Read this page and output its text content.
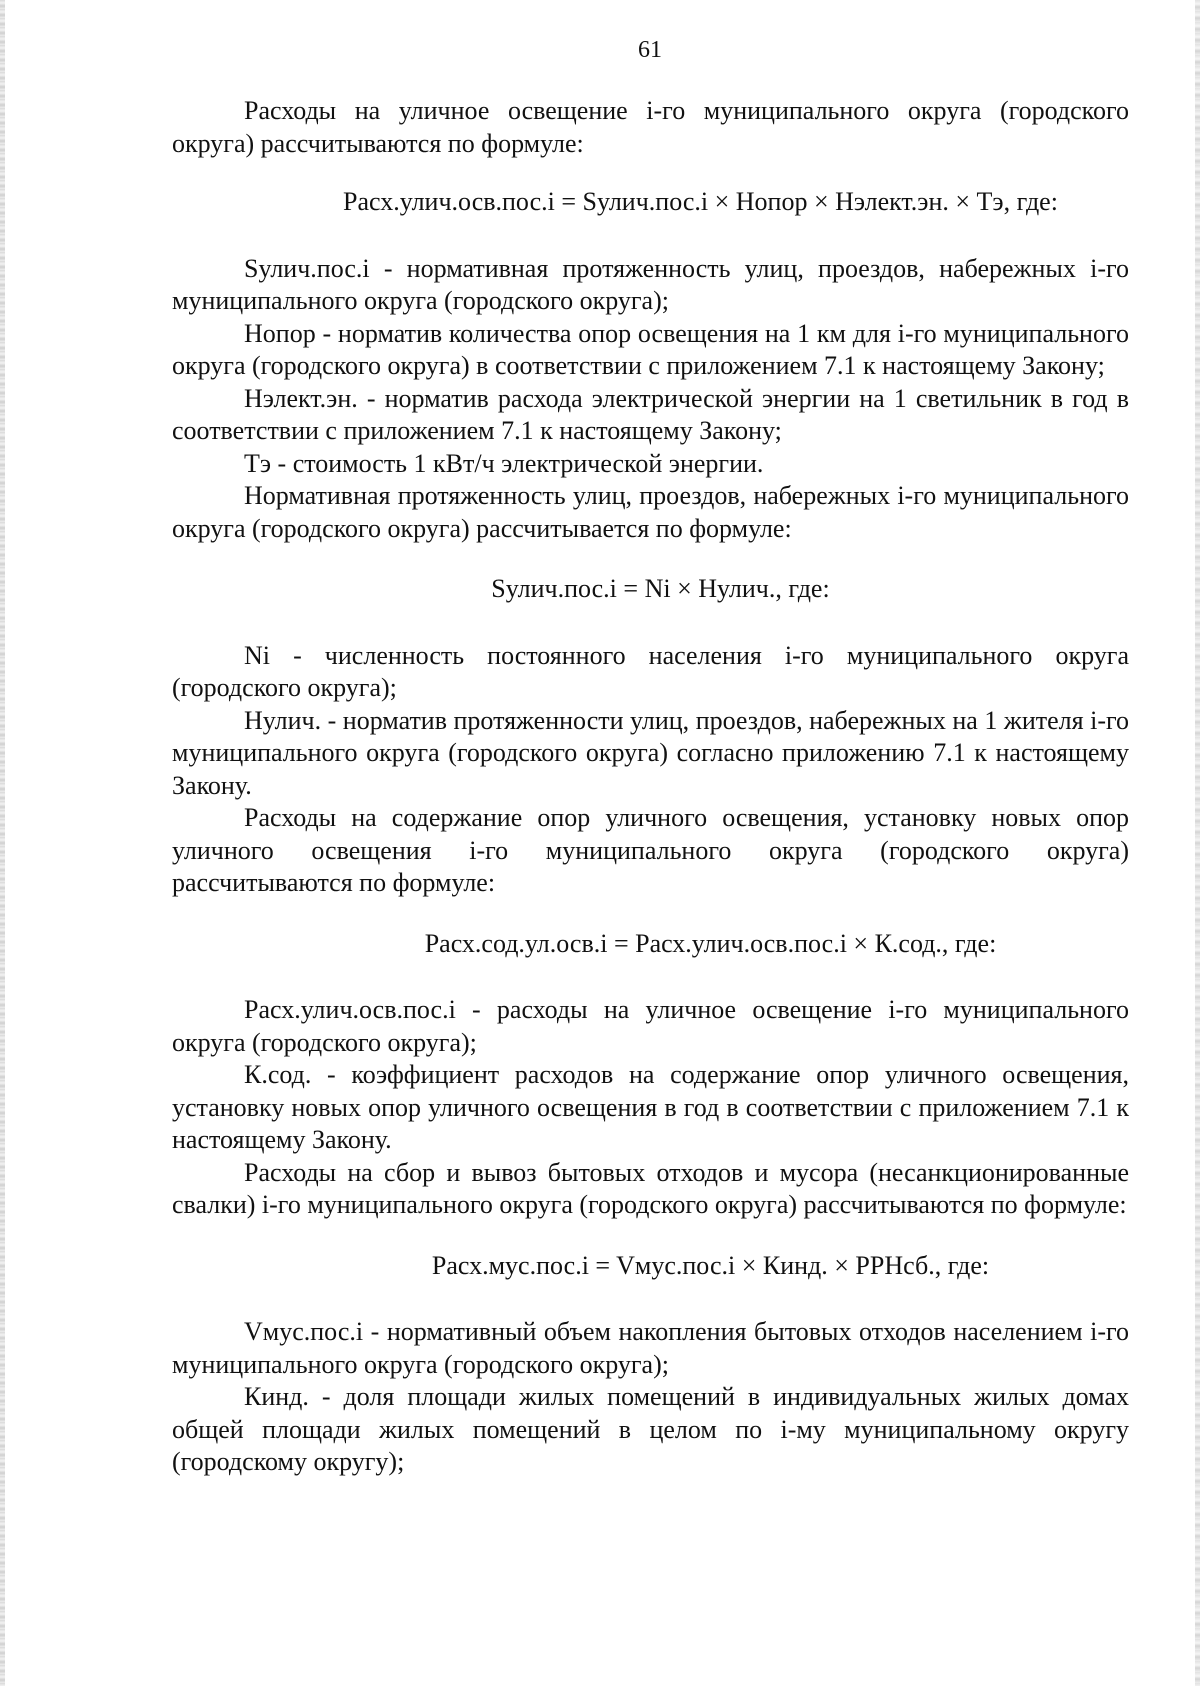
61

Расходы на уличное освещение i-го муниципального округа (городского округа) рассчитываются по формуле:

Расх.улич.осв.пос.i = Sулич.пос.i × Нопор × Нэлект.эн. × Тэ, где:

Sулич.пос.i - нормативная протяженность улиц, проездов, набережных i-го муниципального округа (городского округа);

Нопор - норматив количества опор освещения на 1 км для i-го муниципального округа (городского округа) в соответствии с приложением 7.1 к настоящему Закону;

Нэлект.эн. - норматив расхода электрической энергии на 1 светильник в год в соответствии с приложением 7.1 к настоящему Закону;

Тэ - стоимость 1 кВт/ч электрической энергии.

Нормативная протяженность улиц, проездов, набережных i-го муниципального округа (городского округа) рассчитывается по формуле:

Sулич.пос.i = Ni × Нулич., где:

Ni - численность постоянного населения i-го муниципального округа (городского округа);

Нулич. - норматив протяженности улиц, проездов, набережных на 1 жителя i-го муниципального округа (городского округа) согласно приложению 7.1 к настоящему Закону.

Расходы на содержание опор уличного освещения, установку новых опор уличного освещения i-го муниципального округа (городского округа) рассчитываются по формуле:

Расх.сод.ул.осв.i = Расх.улич.осв.пос.i × К.сод., где:

Расх.улич.осв.пос.i - расходы на уличное освещение i-го муниципального округа (городского округа);

К.сод. - коэффициент расходов на содержание опор уличного освещения, установку новых опор уличного освещения в год в соответствии с приложением 7.1 к настоящему Закону.

Расходы на сбор и вывоз бытовых отходов и мусора (несанкционированные свалки) i-го муниципального округа (городского округа) рассчитываются по формуле:

Расх.мус.пос.i = Vмус.пос.i × Кинд. × РРНсб., где:

Vмус.пос.i - нормативный объем накопления бытовых отходов населением i-го муниципального округа (городского округа);

Кинд. - доля площади жилых помещений в индивидуальных жилых домах общей площади жилых помещений в целом по i-му муниципальному округу (городскому округу);
